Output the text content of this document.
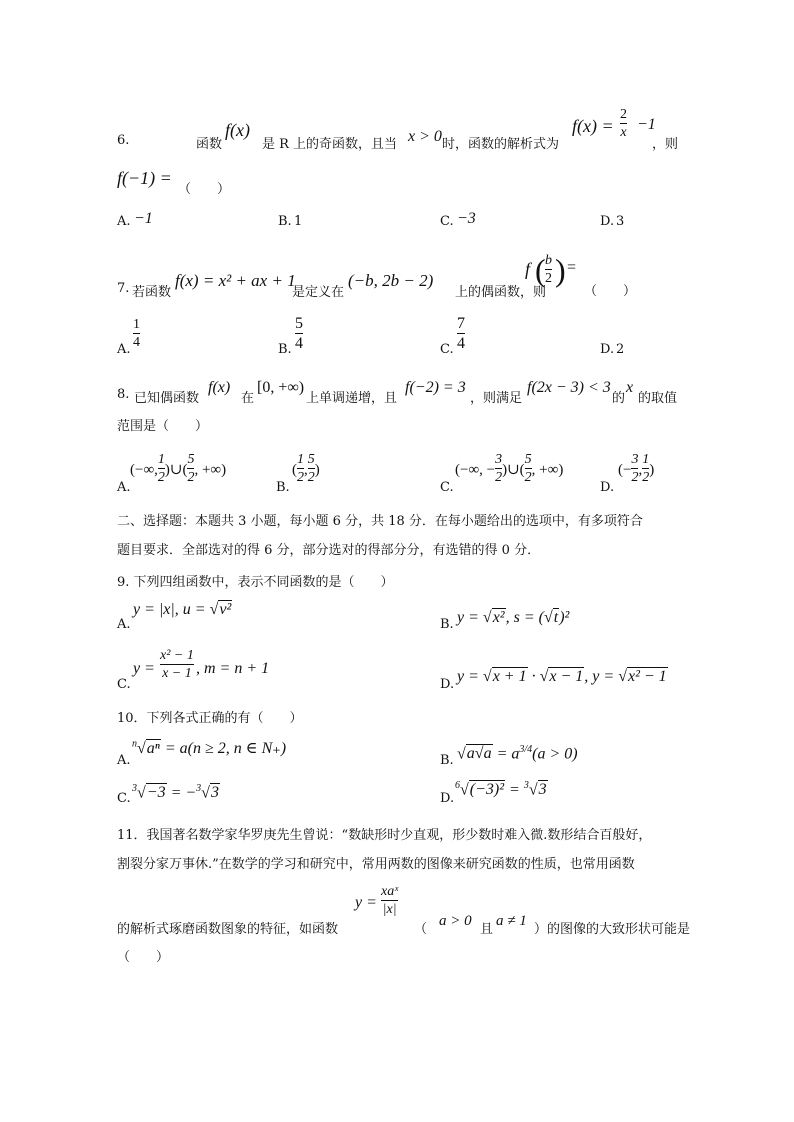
6.	函数
f(x)
是 R 上的奇函数，且当 x > 0 时，函数的解析式为
f(x) =
2
x −1
，则
f(−1) =
（　　）
A. −1	B. 1	C. −3	D. 3
7. 若函数
f(x) = x² + ax + 1
是定义在
(−b, 2b − 2)
上的偶函数，则
f ( b
2 ) =
（　　）
A.
1
4	B.
5
4	C.
7
4	D. 2
8. 已知偶函数
f(x)
在
[0, +∞)
上单调递增，且
f(−2) = 3
，则满足
f(2x − 3) < 3
的
x
的取值
范围是（　　）
A.
(−∞, $\frac{1}{2}$ )∪( $\frac{5}{2}$ , +∞)
B.
( $\frac{1}{2}$ , $\frac{5}{2}$ )
C.
(−∞, − $\frac{3}{2}$ )∪( $\frac{5}{2}$ , +∞)
D.
(− $\frac{3}{2}$ , $\frac{1}{2}$ )
二、选择题：本题共 3 小题，每小题 6 分，共 18 分．在每小题给出的选项中，有多项符合
题目要求．全部选对的得 6 分，部分选对的得部分分，有选错的得 0 分．
9. 下列四组函数中，表示不同函数的是（　　）
A.
y = |x|, u = √v²
B. y = √x², s = (√t)²
C.
y =
x² − 1
x − 1 , m = n + 1
D. y = √x + 1 · √x − 1, y = √x² − 1
10．下列各式正确的有（　　）
A.
$^n$√aⁿ = a(n ≥ 2, n ∈ N₊)
B. $√a√a = a^{3/4}(a > 0)$
C.
$^3$√−3 = −$^3$√3	D.
$^6$√(−3)² = $^3$√3
11．我国著名数学家华罗庚先生曾说：“数缺形时少直观，形少数时难入微.数形结合百般好，
割裂分家万事休.”在数学的学习和研究中，常用两数的图像来研究函数的性质，也常用函数
的解析式琢磨函数图象的特征，如函数
y =
xaˣ
|x|
（
a > 0
且
a ≠ 1
）的图像的大致形状可能是
（　　）
